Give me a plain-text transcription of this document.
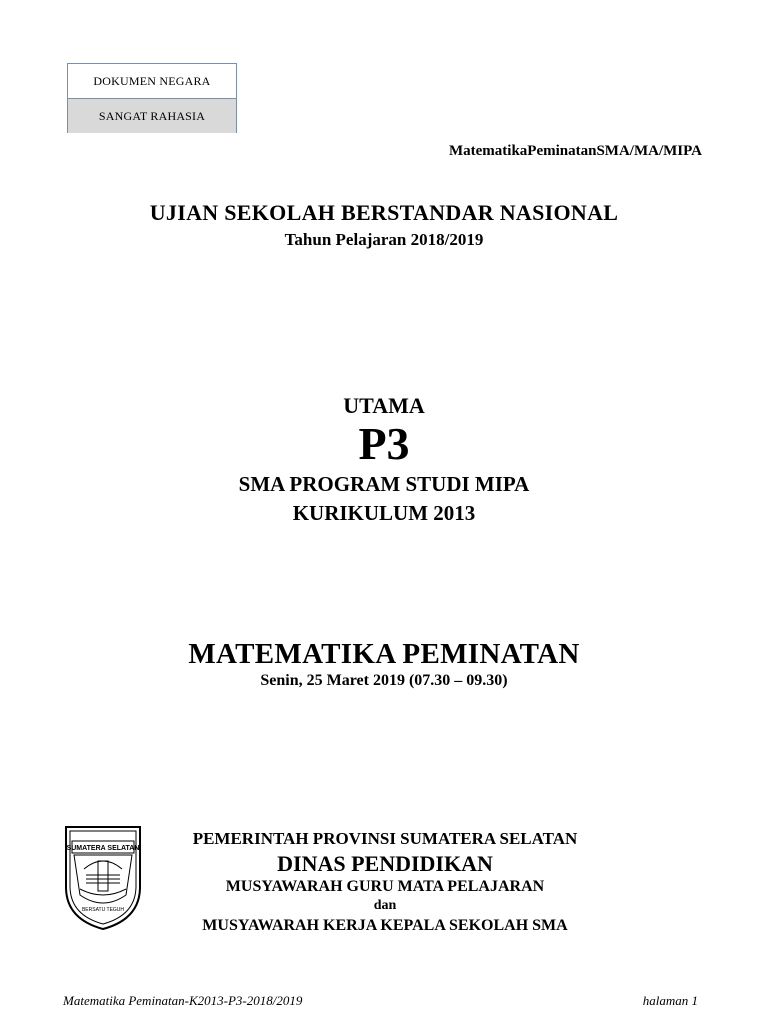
DOKUMEN NEGARA
SANGAT RAHASIA
MatematikaPeminatanSMA/MA/MIPA
UJIAN SEKOLAH BERSTANDAR NASIONAL
Tahun Pelajaran 2018/2019
UTAMA
P3
SMA PROGRAM STUDI MIPA
KURIKULUM 2013
MATEMATIKA PEMINATAN
Senin, 25 Maret 2019 (07.30 – 09.30)
SUMATERA SELATAN
BERSATU TEGUH
PEMERINTAH PROVINSI SUMATERA SELATAN
DINAS PENDIDIKAN
MUSYAWARAH GURU MATA PELAJARAN
dan
MUSYAWARAH KERJA KEPALA SEKOLAH SMA
Matematika Peminatan-K2013-P3-2018/2019	halaman 1
